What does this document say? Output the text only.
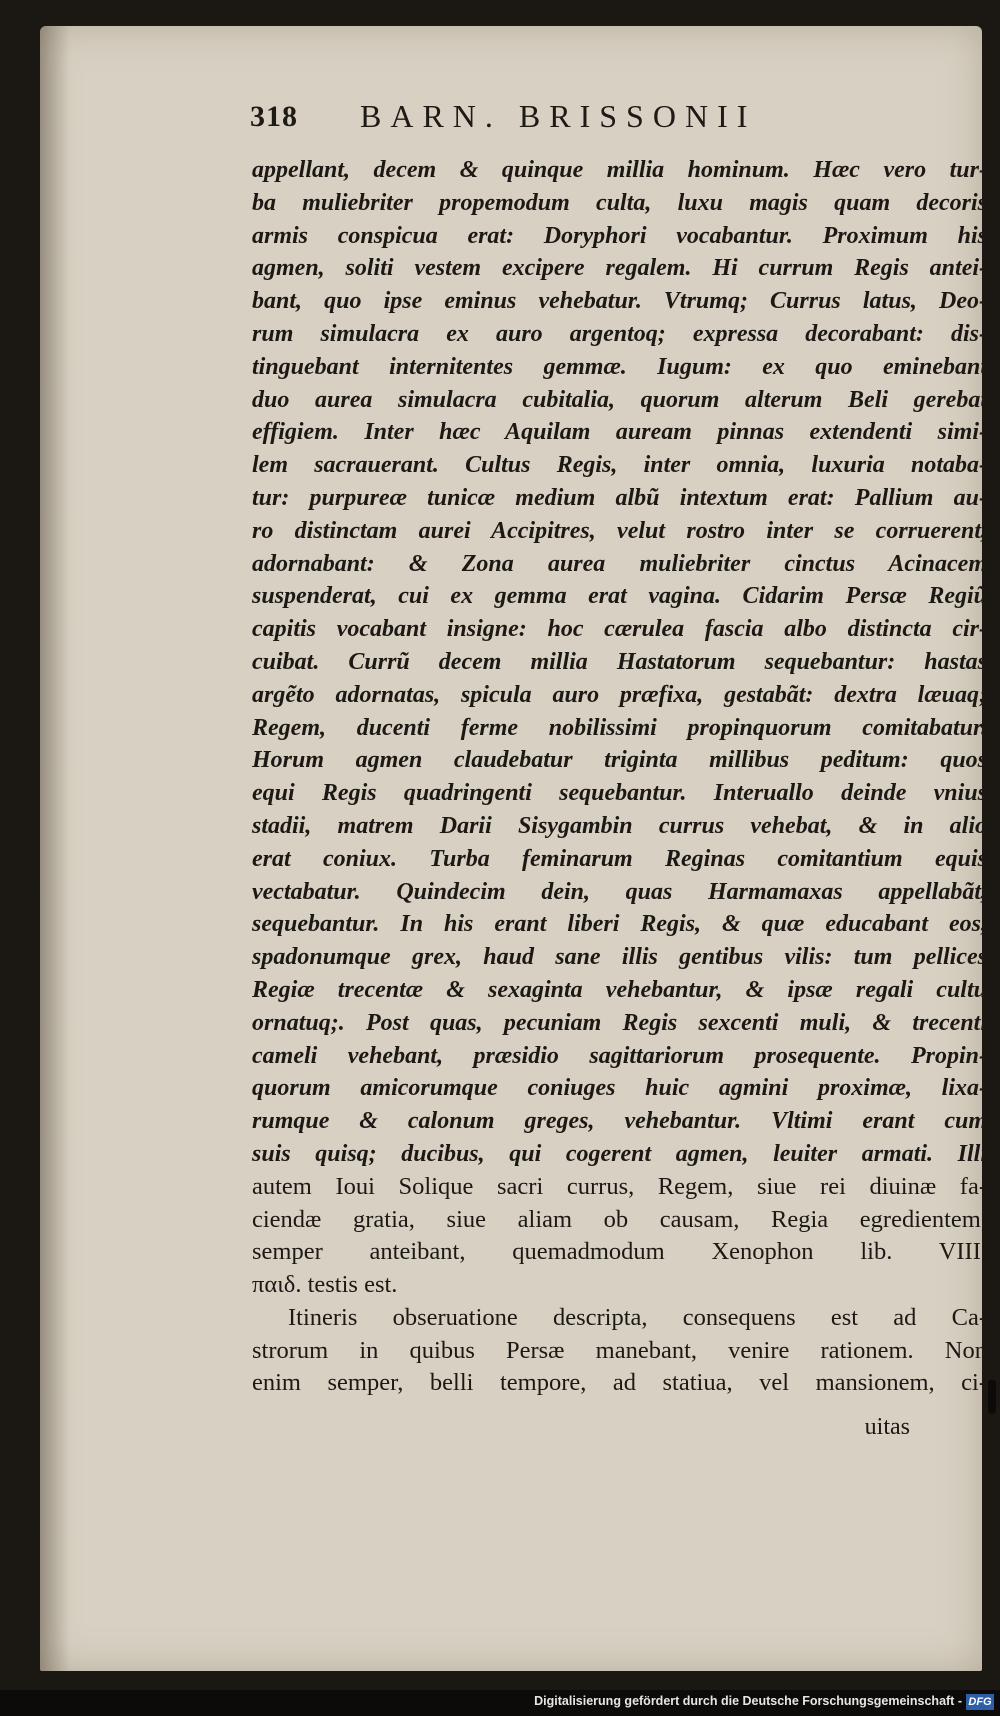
318 BARN. BRISSONII
appellant, decem & quinque millia hominum. Hæc vero tur-
ba muliebriter propemodum culta, luxu magis quam decoris
armis conspicua erat: Doryphori vocabantur. Proximum his
agmen, soliti vestem excipere regalem. Hi currum Regis antei-
bant, quo ipse eminus vehebatur. Vtrumq; Currus latus, Deo-
rum simulacra ex auro argentoq; expressa decorabant: dis-
tinguebant internitentes gemmæ. Iugum: ex quo eminebant
duo aurea simulacra cubitalia, quorum alterum Beli gerebat
effigiem. Inter hæc Aquilam auream pinnas extendenti simi-
lem sacrauerant. Cultus Regis, inter omnia, luxuria notaba-
tur: purpureæ tunicæ medium albũ intextum erat: Pallium au-
ro distinctam aurei Accipitres, velut rostro inter se corruerent,
adornabant: & Zona aurea muliebriter cinctus Acinacem
suspenderat, cui ex gemma erat vagina. Cidarim Persæ Regiũ
capitis vocabant insigne: hoc cærulea fascia albo distincta cir-
cuibat. Currũ decem millia Hastatorum sequebantur: hastas
argẽto adornatas, spicula auro præfixa, gestabãt: dextra læuaq;
Regem, ducenti ferme nobilissimi propinquorum comitabatur.
Horum agmen claudebatur triginta millibus peditum: quos
equi Regis quadringenti sequebantur. Interuallo deinde vnius
stadii, matrem Darii Sisygambin currus vehebat, & in alio
erat coniux. Turba feminarum Reginas comitantium equis
vectabatur. Quindecim dein, quas Harmamaxas appellabãt,
sequebantur. In his erant liberi Regis, & quæ educabant eos,
spadonumque grex, haud sane illis gentibus vilis: tum pellices
Regiæ trecentæ & sexaginta vehebantur, & ipsæ regali cultu
ornatuq;. Post quas, pecuniam Regis sexcenti muli, & trecenti
cameli vehebant, præsidio sagittariorum prosequente. Propin-
quorum amicorumque coniuges huic agmini proximæ, lixa-
rumque & calonum greges, vehebantur. Vltimi erant cum
suis quisq; ducibus, qui cogerent agmen, leuiter armati. Illi
autem Ioui Solique sacri currus, Regem, siue rei diuinæ fa-
ciendæ gratia, siue aliam ob causam, Regia egredientem,
semper anteibant, quemadmodum Xenophon lib. VIII.
παιδ. testis est.
Itineris obseruatione descripta, consequens est ad Ca-
strorum in quibus Persæ manebant, venire rationem. Non
enim semper, belli tempore, ad statiua, vel mansionem, ci-
uitas
Digitalisierung gefördert durch die Deutsche Forschungsgemeinschaft - DFG
